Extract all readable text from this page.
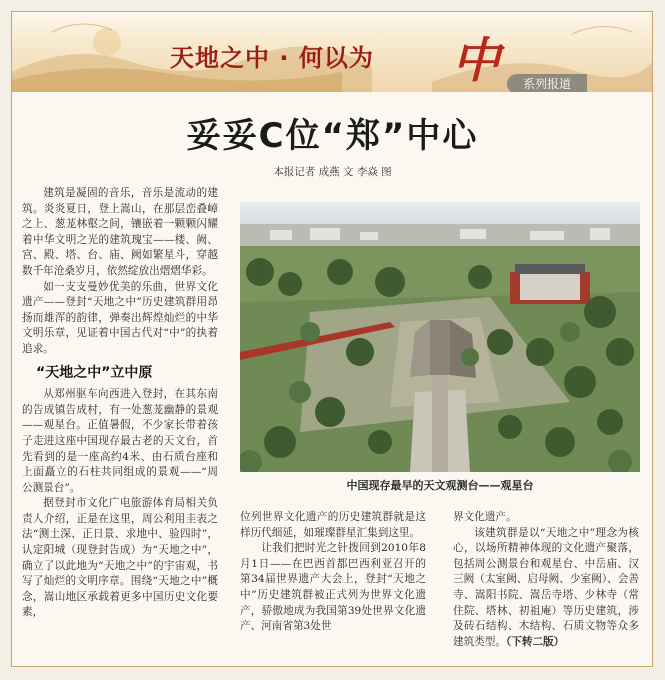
天地之中 · 何以为 中	系列报道
妥妥C位“郑”中心
本报记者 成燕 文 李焱 图

建筑是凝固的音乐，音乐是流动的建筑。炎炎夏日，登上嵩山，在那层峦叠嶂之上、葱茏林壑之间，镶嵌着一颗颗闪耀着中华文明之光的建筑瑰宝——楼、阙、宫、殿、塔、台、庙、阙如繁星斗，穿越数千年沧桑岁月，依然绽放出熠熠华彩。

如一支支曼妙优美的乐曲，世界文化遗产——登封“天地之中”历史建筑群用昂扬而雄浑的韵律，弹奏出辉煌灿烂的中华文明乐章，见证着中国古代对“中”的执着追求。

“天地之中”立中原

从郑州驱车向西进入登封，在其东南的告成镇告成村，有一处葱茏幽静的景观——观星台。正值暑假，不少家长带着孩子走进这座中国现存最古老的天文台，首先看到的是一座高约4米、由石质台座和上面矗立的石柱共同组成的景观——“周公测景台”。

据登封市文化广电旅游体育局相关负责人介绍，正是在这里，周公利用圭表之法“测土深、正日景、求地中、验四时”，认定阳城（现登封告成）为“天地之中”，确立了以此地为“天地之中”的宇宙观，书写了灿烂的文明序章。围绕“天地之中”概念，嵩山地区承载着更多中国历史文化要素，

中国现存最早的天文观测台——观星台

位列世界文化遗产的历史建筑群就是这样历代细延，如璀璨群星汇集到这里。

让我们把时光之针拨回到2010年8月1日——在巴西首都巴西利亚召开的第34届世界遗产大会上，登封“天地之中”历史建筑群被正式列为世界文化遗产，骄傲地成为我国第39处世界文化遗产、河南省第3处世

界文化遗产。

该建筑群是以“天地之中”理念为核心，以场所精神体现的文化遗产聚落，包括周公测景台和观星台、中岳庙、汉三阙（太室阙、启母阙、少室阙）、会善寺、嵩阳书院、嵩岳寺塔、少林寺（常住院、塔林、初祖庵）等历史建筑，涉及砖石结构、木结构、石质文物等众多建筑类型。（下转二版）
